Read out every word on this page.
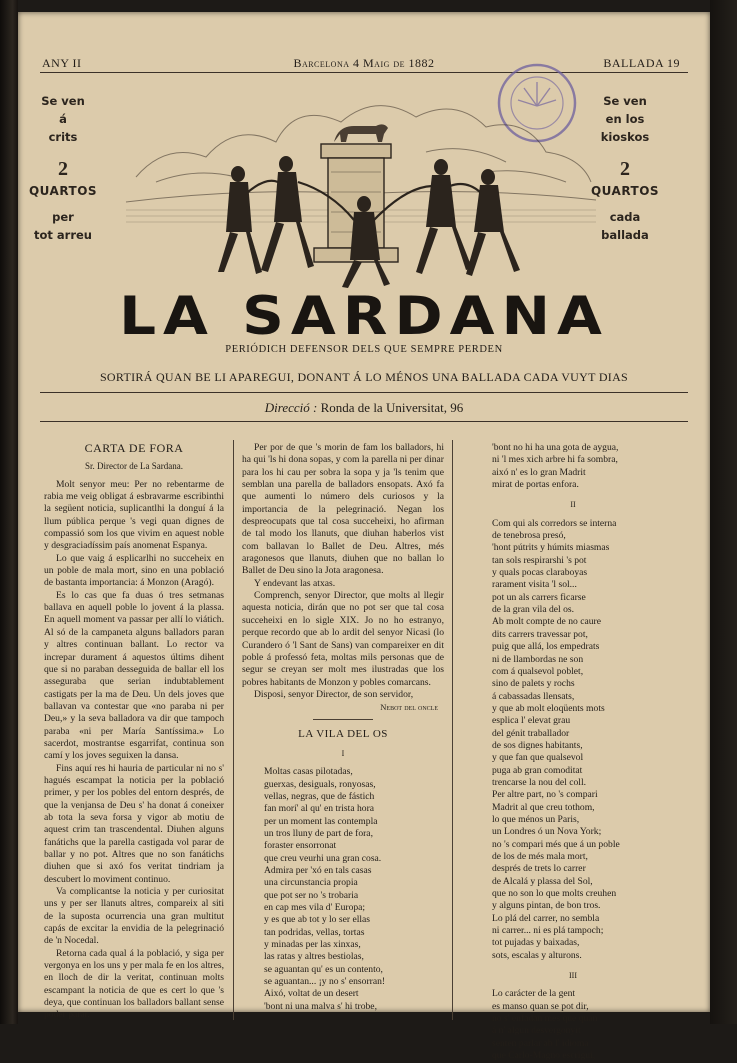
ANY II	Barcelona 4 Maig de 1882	BALLADA 19
Se ven
á
crits
2
QUARTOS
per
tot arreu
Se ven
en los
kioskos
2
QUARTOS
cada
ballada
LA SARDANA
PERIÓDICH DEFENSOR DELS QUE SEMPRE PERDEN
SORTIRÁ QUAN BE LI APAREGUI, DONANT Á LO MÉNOS UNA BALLADA CADA VUYT DIAS
Direcció : Ronda de la Universitat, 96

CARTA DE FORA

Sr. Director de La Sardana.

Molt senyor meu: Per no rebentarme de rabia me veig obligat á esbravarme escribinthi la següent noticia, suplicantlhi la donguí á la llum pública perque 's vegi quan dignes de compassió som los que vivim en aquest noble y desgraciadíssim país anomenat Espanya.

Lo que vaig á esplicarlhi no succeheix en un poble de mala mort, sino en una població de bastanta importancia: á Monzon (Aragó).

Es lo cas que fa duas ó tres setmanas ballava en aquell poble lo jovent á la plassa. En aquell moment va passar per allí lo viátich. Al só de la campaneta alguns balladors paran y altres continuan ballant. Lo rector va increpar durament á aquestos últims dihent que si no paraban desseguida de ballar ell los asseguraba que serian indubtablement castigats per la ma de Deu. Un dels joves que ballavan va contestar que «no paraba ni per Deu,» y la seva balladora va dir que tampoch paraba «ni per María Santíssima.» Lo sacerdot, mostrantse esgarrifat, continua son camí y los joves seguixen la dansa.

Fins aquí res hi hauria de particular ni no s' hagués escampat la noticia per la població primer, y per los pobles del entorn després, de que la venjansa de Deu s' ha donat á coneixer ab tota la seva forsa y vigor ab motiu de aquest crim tan trascendental. Diuhen alguns fanátichs que la parella castigada vol parar de ballar y no pot. Altres que no son fanátichs diuhen que si axó fos veritat tindriam ja descubert lo moviment continuo.

Va complicantse la noticia y per curiositat uns y per ser llanuts altres, compareix al siti de la suposta ocurrencia una gran multitut capás de excitar la envidia de la pelegrinació de 'n Nocedal.

Retorna cada qual á la població, y siga per vergonya en los uns y per mala fe en los altres, en lloch de dir la veritat, continuan molts escampant la noticia de que es cert lo que 's deya, que continuan los balladors ballant sense poder parar.

Per por de que 's morin de fam los balladors, hi ha qui 'ls hi dona sopas, y com la parella ni per dinar para los hi cau per sobra la sopa y ja 'ls tenim que semblan una parella de balladors ensopats. Axó fa que aumenti lo número dels curiosos y la importancia de la pelegrinació. Negan los despreocupats que tal cosa succeheixi, ho afirman de tal modo los llanuts, que diuhan haberlos vist com ballavan lo Ballet de Deu. Altres, més aragonesos que llanuts, diuhen que no ballan lo Ballet de Deu sino la Jota aragonesa.

Y endevant las atxas.

Comprench, senyor Director, que molts al llegir aquesta noticia, dirán que no pot ser que tal cosa succeheixi en lo sigle XIX. Jo no ho estranyo, perque recordo que ab lo ardit del senyor Nicasi (lo Curandero ó 'l Sant de Sans) van compareixer en dit poble á professó feta, moltas mils personas que de segur se creyan ser molt mes ilustradas que los pobres habitants de Monzon y pobles comarcans.

Disposi, senyor Director, de son servidor,

Nebot del oncle

LA VILA DEL OS

I

Moltas casas pilotadas,

guerxas, desiguals, ronyosas,

vellas, negras, que de fástich

fan morí' al qu' en trista hora

per un moment las contempla

un tros lluny de part de fora,

foraster ensorronat

que creu veurhi una gran cosa.

Admira per 'xó en tals casas

una circunstancia propia

que pot ser no 's trobaria

en cap mes vila d' Europa;

y es que ab tot y lo ser ellas

tan podridas, vellas, tortas

y minadas per las xinxas,

las ratas y altres bestiolas,

se aguantan qu' es un contento,

se aguantan... ¡y no s' ensorran!

Aixó, voltat de un desert

'bont ni una malva s' hi trobe,

'bont no hi ha una gota de aygua,

ni 'l mes xich arbre hi fa sombra,

aixó n' es lo gran Madrit

mirat de portas enfora.

II

Com qui als corredors se interna

de tenebrosa presó,

'hont pútrits y húmits miasmas

tan sols respirarshi 's pot

y quals pocas claraboyas

rarament visita 'l sol...

pot un als carrers ficarse

de la gran vila del os.

Ab molt compte de no caure

dits carrers travessar pot,

puig que allá, los empedrats

ni de llambordas ne son

com á qualsevol poblet,

sino de palets y rochs

á cabassadas llensats,

y que ab molt eloqüents mots

esplica l' elevat grau

del génit traballador

de sos dignes habitants,

y que fan que qualsevol

puga ab gran comoditat

trencarse la nou del coll.

Per altre part, no 's compari

Madrit al que creu tothom,

lo que ménos un Paris,

un Londres ó un Nova York;

no 's compari més que á un poble

de los de més mala mort,

després de trets lo carrer

de Alcalá y plassa del Sol,

que no son lo que molts creuhen

y alguns pintan, de bon tros.

Lo plá del carrer, no sembla

ni carrer... ni es plá tampoch;

tot pujadas y baixadas,

sots, escalas y alturons.

III

Lo carácter de la gent

es manso quan se pot dir,

no s' enfadan mes que quan

á n' algun desvergonyit

senten parlar ab l' idioma

que Carlo-Magno escrigui,
